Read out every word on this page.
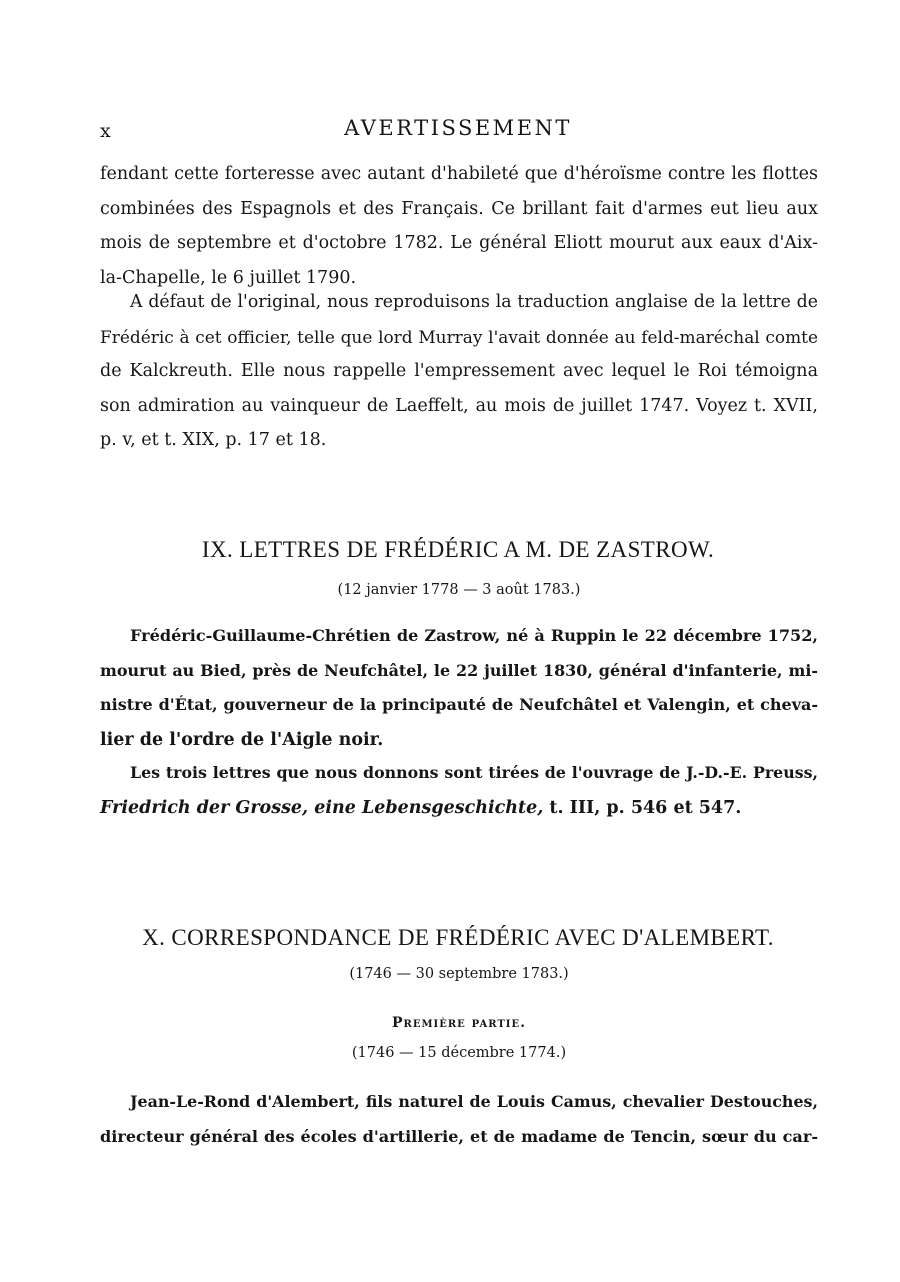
x	AVERTISSEMENT

fendant cette forteresse avec autant d'habileté que d'héroïsme contre les flottes
combinées des Espagnols et des Français. Ce brillant fait d'armes eut lieu aux
mois de septembre et d'octobre 1782. Le général Eliott mourut aux eaux d'Aix-
la-Chapelle, le 6 juillet 1790.

A défaut de l'original, nous reproduisons la traduction anglaise de la lettre de
Frédéric à cet officier, telle que lord Murray l'avait donnée au feld-maréchal comte
de Kalckreuth. Elle nous rappelle l'empressement avec lequel le Roi témoigna
son admiration au vainqueur de Laeffelt, au mois de juillet 1747. Voyez t. XVII,
p. v, et t. XIX, p. 17 et 18.

IX. LETTRES DE FRÉDÉRIC A M. DE ZASTROW.
(12 janvier 1778 — 3 août 1783.)

Frédéric-Guillaume-Chrétien de Zastrow, né à Ruppin le 22 décembre 1752,
mourut au Bied, près de Neufchâtel, le 22 juillet 1830, général d'infanterie, mi-
nistre d'État, gouverneur de la principauté de Neufchâtel et Valengin, et cheva-
lier de l'ordre de l'Aigle noir.

Les trois lettres que nous donnons sont tirées de l'ouvrage de J.-D.-E. Preuss,
Friedrich der Grosse, eine Lebensgeschichte, t. III, p. 546 et 547.

X. CORRESPONDANCE DE FRÉDÉRIC AVEC D'ALEMBERT.
(1746 — 30 septembre 1783.)
Première partie.
(1746 — 15 décembre 1774.)

Jean-Le-Rond d'Alembert, fils naturel de Louis Camus, chevalier Destouches,
directeur général des écoles d'artillerie, et de madame de Tencin, sœur du car-
